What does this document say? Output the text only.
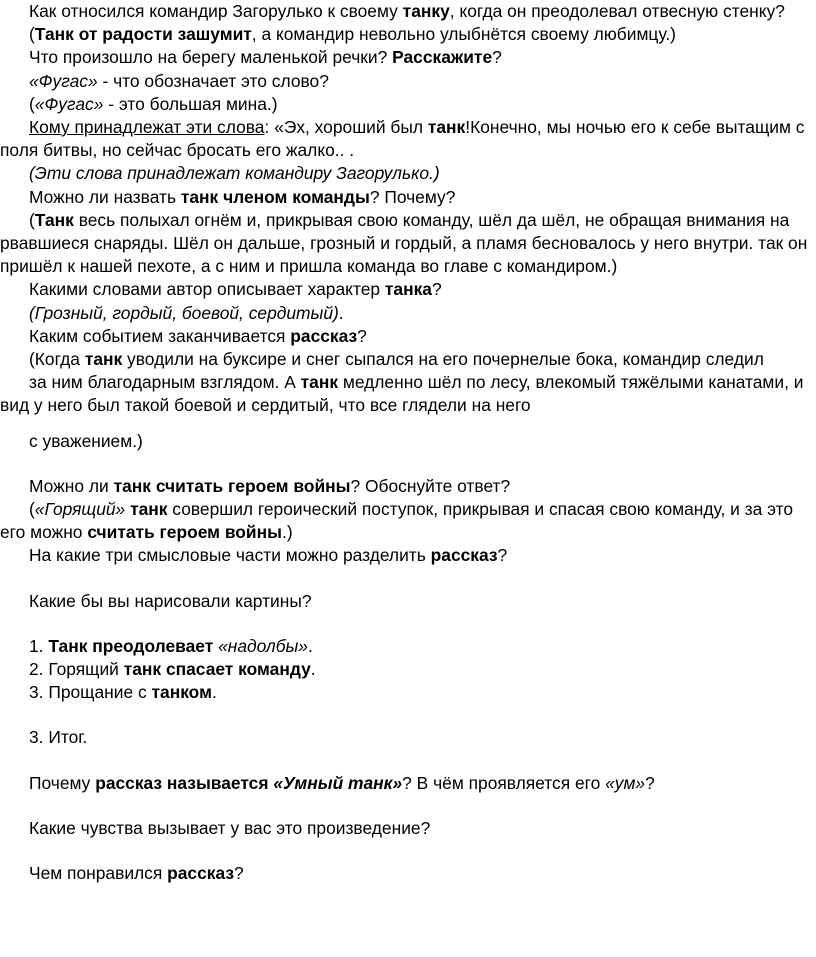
Как относился командир Загорулько к своему танку, когда он преодолевал отвесную стенку?

(Танк от радости зашумит, а командир невольно улыбнётся своему любимцу.)

Что произошло на берегу маленькой речки? Расскажите?

«Фугас» - что обозначает это слово?

(«Фугас» - это большая мина.)

Кому принадлежат эти слова: «Эх, хороший был танк!Конечно, мы ночью его к себе вытащим с поля битвы, но сейчас бросать его жалко.. .

(Эти слова принадлежат командиру Загорулько.)

Можно ли назвать танк членом команды? Почему?

(Танк весь полыхал огнём и, прикрывая свою команду, шёл да шёл, не обращая внимания на рвавшиеся снаряды. Шёл он дальше, грозный и гордый, а пламя бесновалось у него внутри. так он пришёл к нашей пехоте, а с ним и пришла команда во главе с командиром.)

Какими словами автор описывает характер танка?

(Грозный, гордый, боевой, сердитый).

Каким событием заканчивается рассказ?

(Когда танк уводили на буксире и снег сыпался на его почернелые бока, командир следил

за ним благодарным взглядом. А танк медленно шёл по лесу, влекомый тяжёлыми канатами, и вид у него был такой боевой и сердитый, что все глядели на него

с уважением.)

Можно ли танк считать героем войны? Обоснуйте ответ?

(«Горящий» танк совершил героический поступок, прикрывая и спасая свою команду, и за это его можно считать героем войны.)

На какие три смысловые части можно разделить рассказ?

Какие бы вы нарисовали картины?

1. Танк преодолевает «надолбы».

2. Горящий танк спасает команду.

3. Прощание с танком.

3. Итог.

Почему рассказ называется «Умный танк»? В чём проявляется его «ум»?

Какие чувства вызывает у вас это произведение?

Чем понравился рассказ?
